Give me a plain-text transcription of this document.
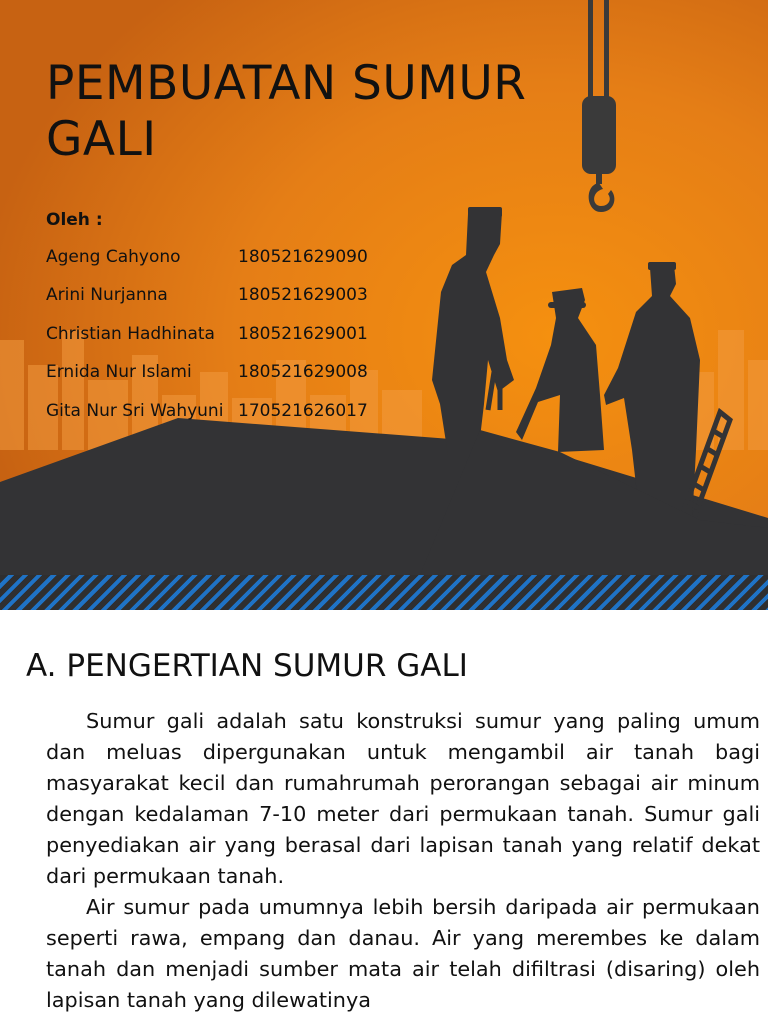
PEMBUATAN SUMUR
GALI
Oleh :
Ageng Cahyono	180521629090
Arini Nurjanna	180521629003
Christian Hadhinata	180521629001
Ernida Nur Islami	180521629008
Gita Nur Sri Wahyuni 170521626017
A. PENGERTIAN SUMUR GALI

Sumur gali adalah satu konstruksi sumur yang paling umum dan meluas dipergunakan untuk mengambil air tanah bagi masyarakat kecil dan rumahrumah perorangan sebagai air minum dengan kedalaman 7-10 meter dari permukaan tanah. Sumur gali penyediakan air yang berasal dari lapisan tanah yang relatif dekat dari permukaan tanah.

Air sumur pada umumnya lebih bersih daripada air permukaan seperti rawa, empang dan danau. Air yang merembes ke dalam tanah dan menjadi sumber mata air telah difiltrasi (disaring) oleh lapisan tanah yang dilewatinya
